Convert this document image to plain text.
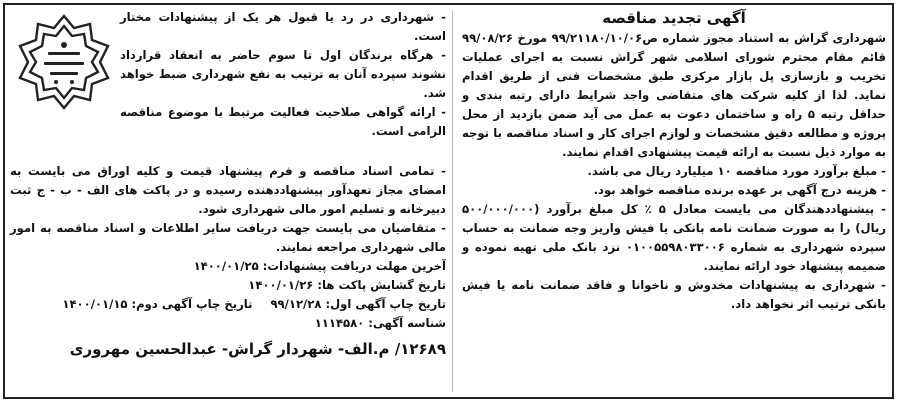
آگهی تجدید مناقصه

شهرداری گراش به استناد مجوز شماره ص۹۹/۲۱۱۸۰/۱۰/۰۶ مورخ ۹۹/۰۸/۲۶ قائم مقام محترم شورای اسلامی شهر گراش نسبت به اجرای عملیات تخریب و بازسازی پل بازار مرکزی طبق مشخصات فنی از طریق اقدام نماید. لذا از کلیه شرکت های متقاضی واجد شرایط دارای رتبه بندی و حداقل رتبه ۵ راه و ساختمان دعوت به عمل می آید ضمن بازدید از محل پروژه و مطالعه دقیق مشخصات و لوازم اجرای کار و اسناد مناقصه با توجه به موارد ذیل نسبت به ارائه قیمت پیشنهادی اقدام نمایند.

- مبلغ برآورد مورد مناقصه ۱۰ میلیارد ریال می باشد.

- هزینه درج آگهی بر عهده برنده مناقصه خواهد بود.

- پیشنهاددهندگان می بایست معادل ۵ ٪ کل مبلغ برآورد (۵۰۰/۰۰۰/۰۰۰ ریال) را به صورت ضمانت نامه بانکی یا فیش واریز وجه ضمانت به حساب سپرده شهرداری به شماره ۰۱۰۰۵۵۹۸۰۳۳۰۰۶ نزد بانک ملی تهیه نموده و ضمیمه پیشنهاد خود ارائه نمایند.

- شهرداری به پیشنهادات مخدوش و ناخوانا و فاقد ضمانت نامه یا فیش بانکی ترتیب اثر نخواهد داد.

- شهرداری در رد یا قبول هر یک از پیشنهادات مختار است.

- هرگاه برندگان اول تا سوم حاضر به انعقاد قرارداد نشوند سپرده آنان به ترتیب به نفع شهرداری ضبط خواهد شد.

- ارائه گواهی صلاحیت فعالیت مرتبط با موضوع مناقصه الزامی است.

- تمامی اسناد مناقصه و فرم پیشنهاد قیمت و کلیه اوراق می بایست به امضای مجاز تعهدآور پیشنهاددهنده رسیده و در پاکت های الف - ب - ج ثبت دبیرخانه و تسلیم امور مالی شهرداری شود.

- متقاضیان می بایست جهت دریافت سایر اطلاعات و اسناد مناقصه به امور مالی شهرداری مراجعه نمایند.

آخرین مهلت دریافت پیشنهادات: ۱۴۰۰/۰۱/۲۵

تاریخ گشایش پاکت ها: ۱۴۰۰/۰۱/۲۶

تاریخ چاپ آگهی اول: ۹۹/۱۲/۲۸
تاریخ چاپ آگهی دوم: ۱۴۰۰/۰۱/۱۵

شناسه آگهی: ۱۱۱۴۵۸۰

۱۲۶۸۹/ م.الف- شهردار گراش- عبدالحسین مهروری
